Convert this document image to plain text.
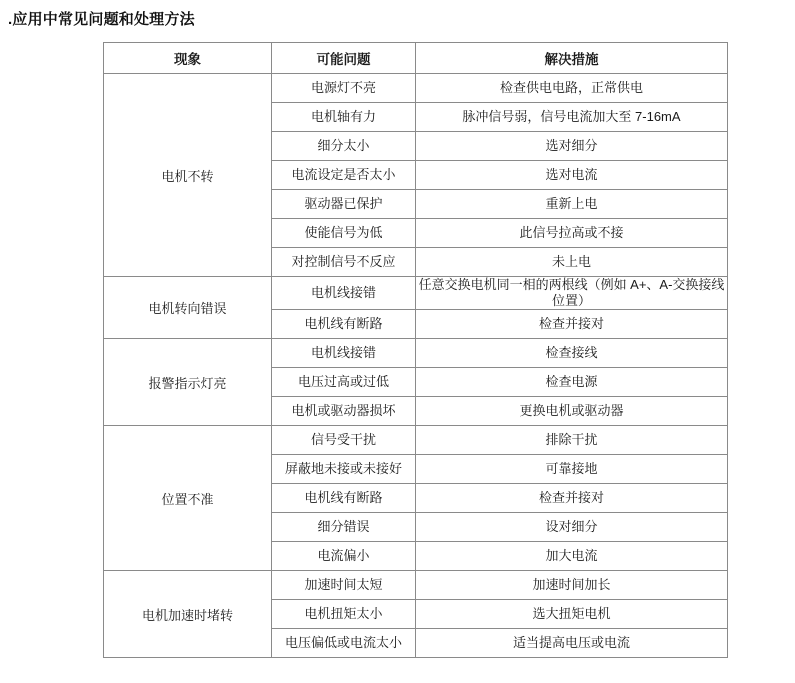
.应用中常见问题和处理方法
现象	可能问题	解决措施
电机不转	电源灯不亮	检查供电电路，正常供电
	电机轴有力	脉冲信号弱，信号电流加大至 7-16mA
	细分太小	选对细分
	电流设定是否太小	选对电流
	驱动器已保护	重新上电
	使能信号为低	此信号拉高或不接
	对控制信号不反应	未上电
电机转向错误	电机线接错	任意交换电机同一相的两根线（例如 A+、A-交换接线位置）
	电机线有断路	检查并接对
报警指示灯亮	电机线接错	检查接线
	电压过高或过低	检查电源
	电机或驱动器损坏	更换电机或驱动器
位置不准	信号受干扰	排除干扰
	屏蔽地未接或未接好	可靠接地
	电机线有断路	检查并接对
	细分错误	设对细分
	电流偏小	加大电流
电机加速时堵转	加速时间太短	加速时间加长
	电机扭矩太小	选大扭矩电机
	电压偏低或电流太小	适当提高电压或电流
